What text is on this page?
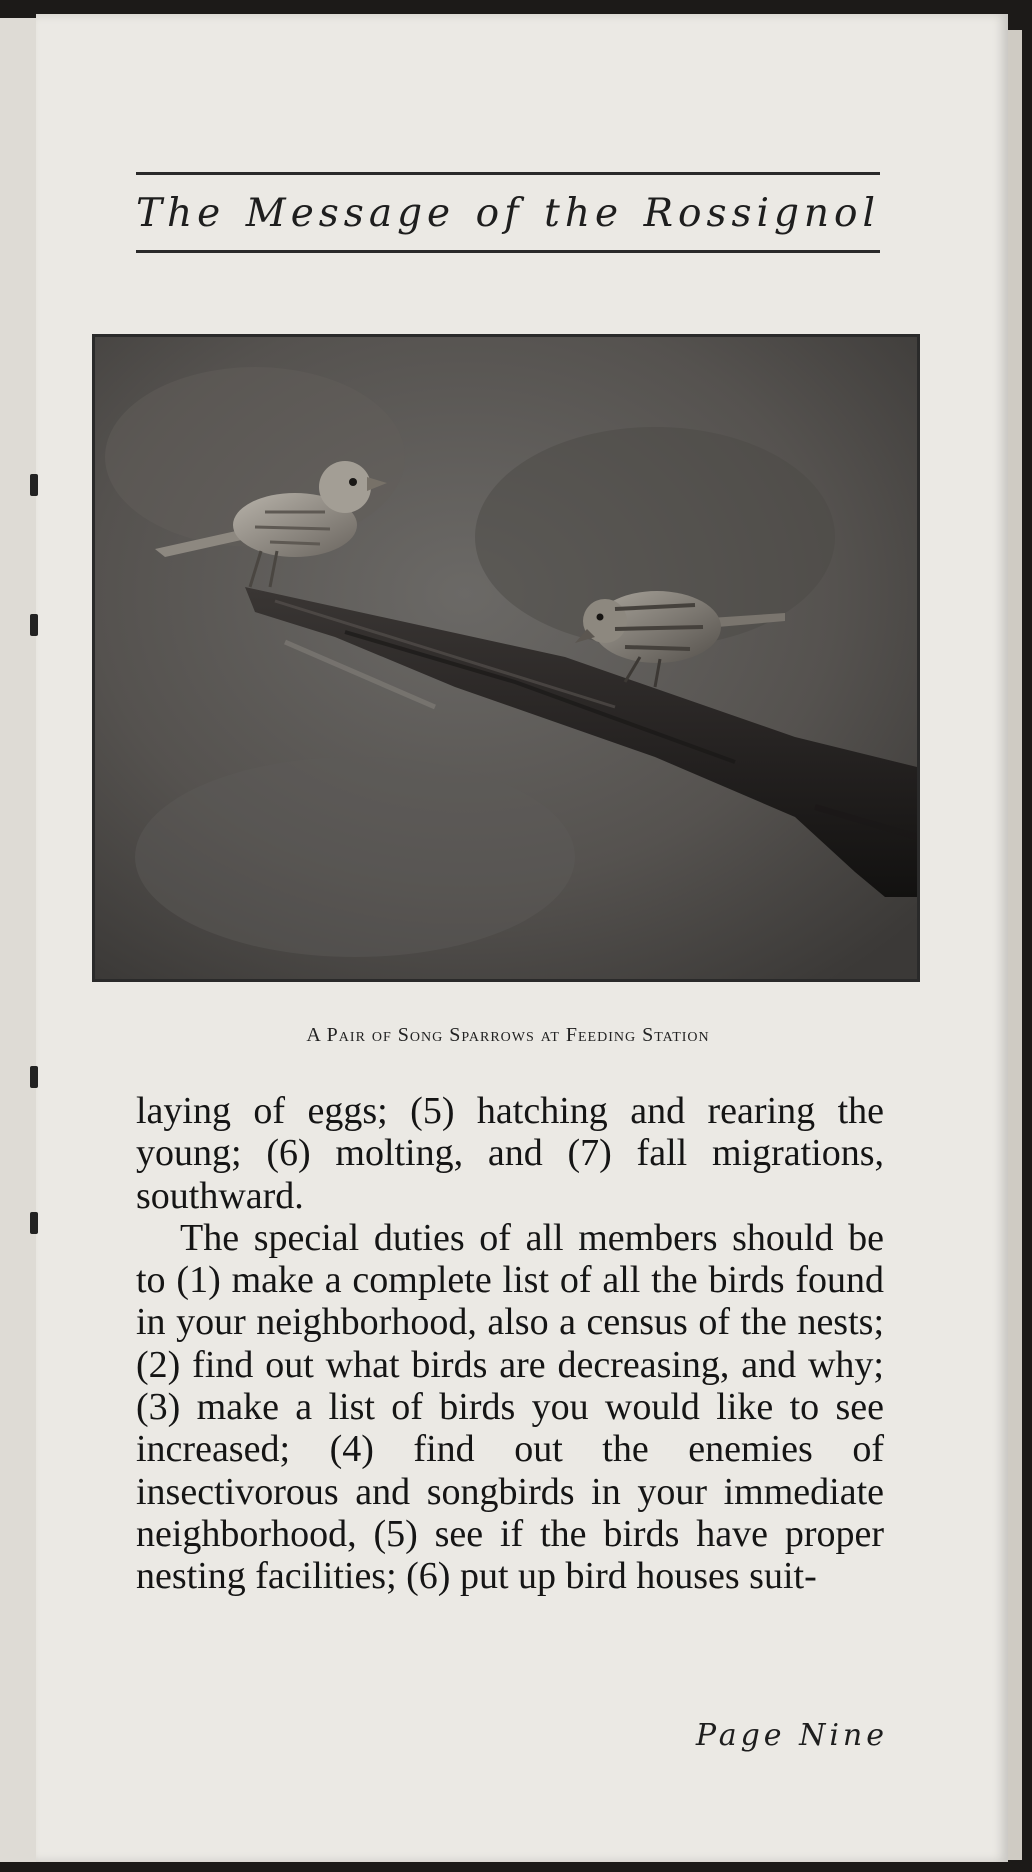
The Message of the Rossignol
A Pair of Song Sparrows at Feeding Station

laying of eggs; (5) hatching and rearing the young; (6) molting, and (7) fall migrations, southward.

The special duties of all members should be to (1) make a complete list of all the birds found in your neighborhood, also a census of the nests; (2) find out what birds are decreasing, and why; (3) make a list of birds you would like to see increased; (4) find out the enemies of insectivorous and songbirds in your immediate neighborhood, (5) see if the birds have proper nesting facilities; (6) put up bird houses suit-

Page Nine
